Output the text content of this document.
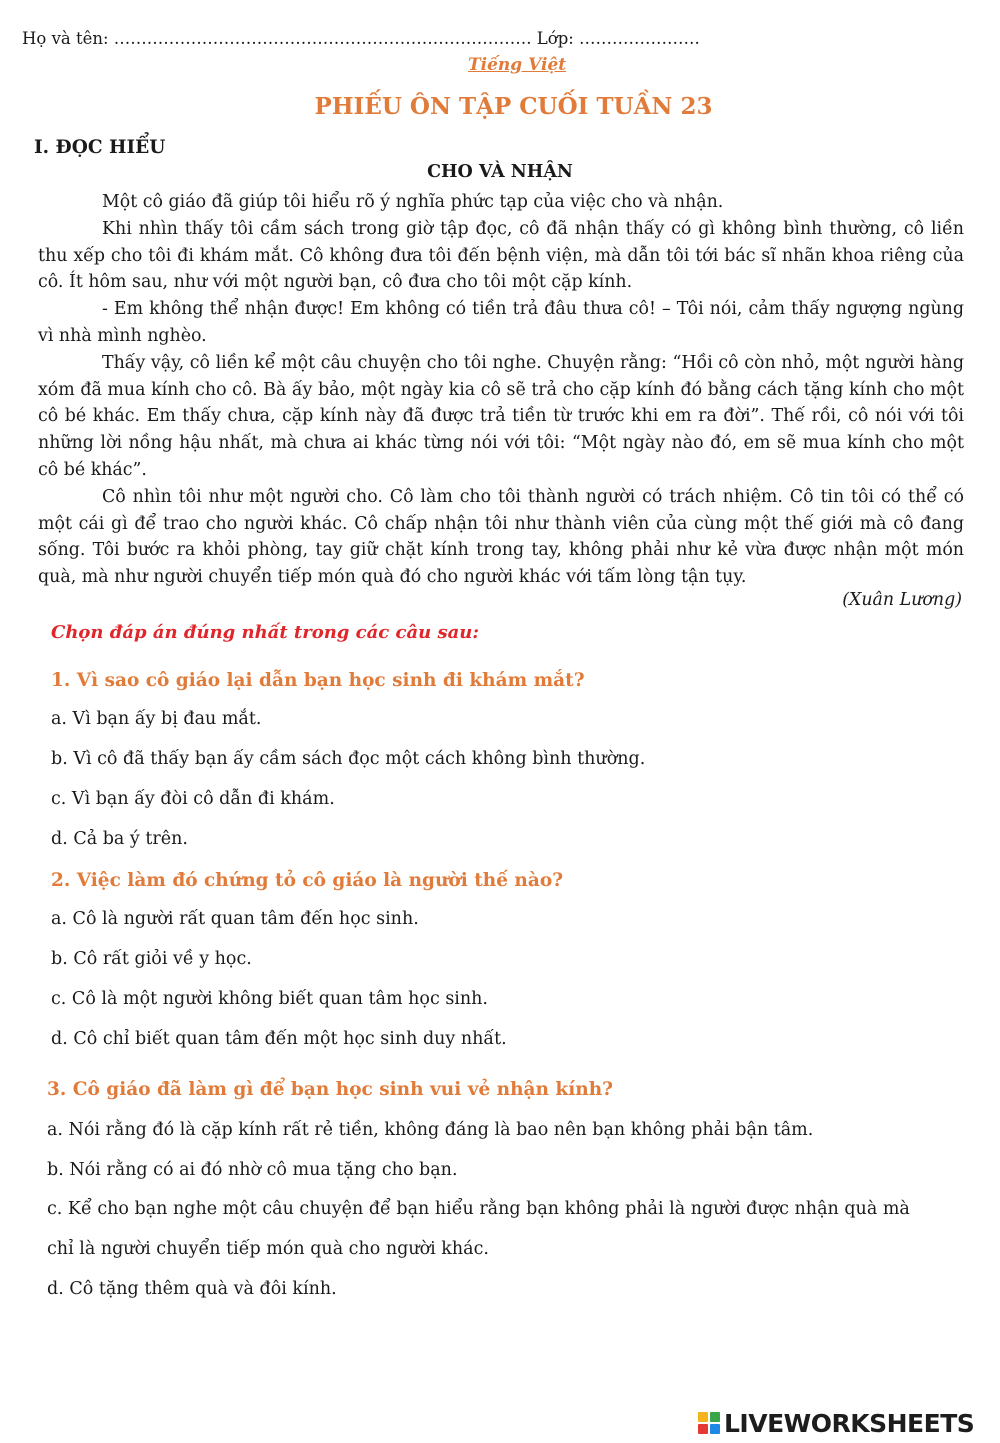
Họ và tên: …………………………………………………………………. Lớp: ………………….
Tiếng Việt
PHIẾU ÔN TẬP CUỐI TUẦN 23
I. ĐỌC HIỂU
CHO VÀ NHẬN

Một cô giáo đã giúp tôi hiểu rõ ý nghĩa phức tạp của việc cho và nhận.

Khi nhìn thấy tôi cầm sách trong giờ tập đọc, cô đã nhận thấy có gì không bình thường, cô liền thu xếp cho tôi đi khám mắt. Cô không đưa tôi đến bệnh viện, mà dẫn tôi tới bác sĩ nhãn khoa riêng của cô. Ít hôm sau, như với một người bạn, cô đưa cho tôi một cặp kính.

- Em không thể nhận được! Em không có tiền trả đâu thưa cô! – Tôi nói, cảm thấy ngượng ngùng vì nhà mình nghèo.

Thấy vậy, cô liền kể một câu chuyện cho tôi nghe. Chuyện rằng: “Hồi cô còn nhỏ, một người hàng xóm đã mua kính cho cô. Bà ấy bảo, một ngày kia cô sẽ trả cho cặp kính đó bằng cách tặng kính cho một cô bé khác. Em thấy chưa, cặp kính này đã được trả tiền từ trước khi em ra đời”. Thế rồi, cô nói với tôi những lời nồng hậu nhất, mà chưa ai khác từng nói với tôi: “Một ngày nào đó, em sẽ mua kính cho một cô bé khác”.

Cô nhìn tôi như một người cho. Cô làm cho tôi thành người có trách nhiệm. Cô tin tôi có thể có một cái gì để trao cho người khác. Cô chấp nhận tôi như thành viên của cùng một thế giới mà cô đang sống. Tôi bước ra khỏi phòng, tay giữ chặt kính trong tay, không phải như kẻ vừa được nhận một món quà, mà như người chuyển tiếp món quà đó cho người khác với tấm lòng tận tụy.

(Xuân Lương)
Chọn đáp án đúng nhất trong các câu sau:
1. Vì sao cô giáo lại dẫn bạn học sinh đi khám mắt?
a. Vì bạn ấy bị đau mắt.
b. Vì cô đã thấy bạn ấy cầm sách đọc một cách không bình thường.
c. Vì bạn ấy đòi cô dẫn đi khám.
d. Cả ba ý trên.
2. Việc làm đó chứng tỏ cô giáo là người thế nào?
a. Cô là người rất quan tâm đến học sinh.
b. Cô rất giỏi về y học.
c. Cô là một người không biết quan tâm học sinh.
d. Cô chỉ biết quan tâm đến một học sinh duy nhất.
3. Cô giáo đã làm gì để bạn học sinh vui vẻ nhận kính?
a. Nói rằng đó là cặp kính rất rẻ tiền, không đáng là bao nên bạn không phải bận tâm.
b. Nói rằng có ai đó nhờ cô mua tặng cho bạn.
c. Kể cho bạn nghe một câu chuyện để bạn hiểu rằng bạn không phải là người được nhận quà mà
chỉ là người chuyển tiếp món quà cho người khác.
d. Cô tặng thêm quà và đôi kính.
LIVEWORKSHEETS
